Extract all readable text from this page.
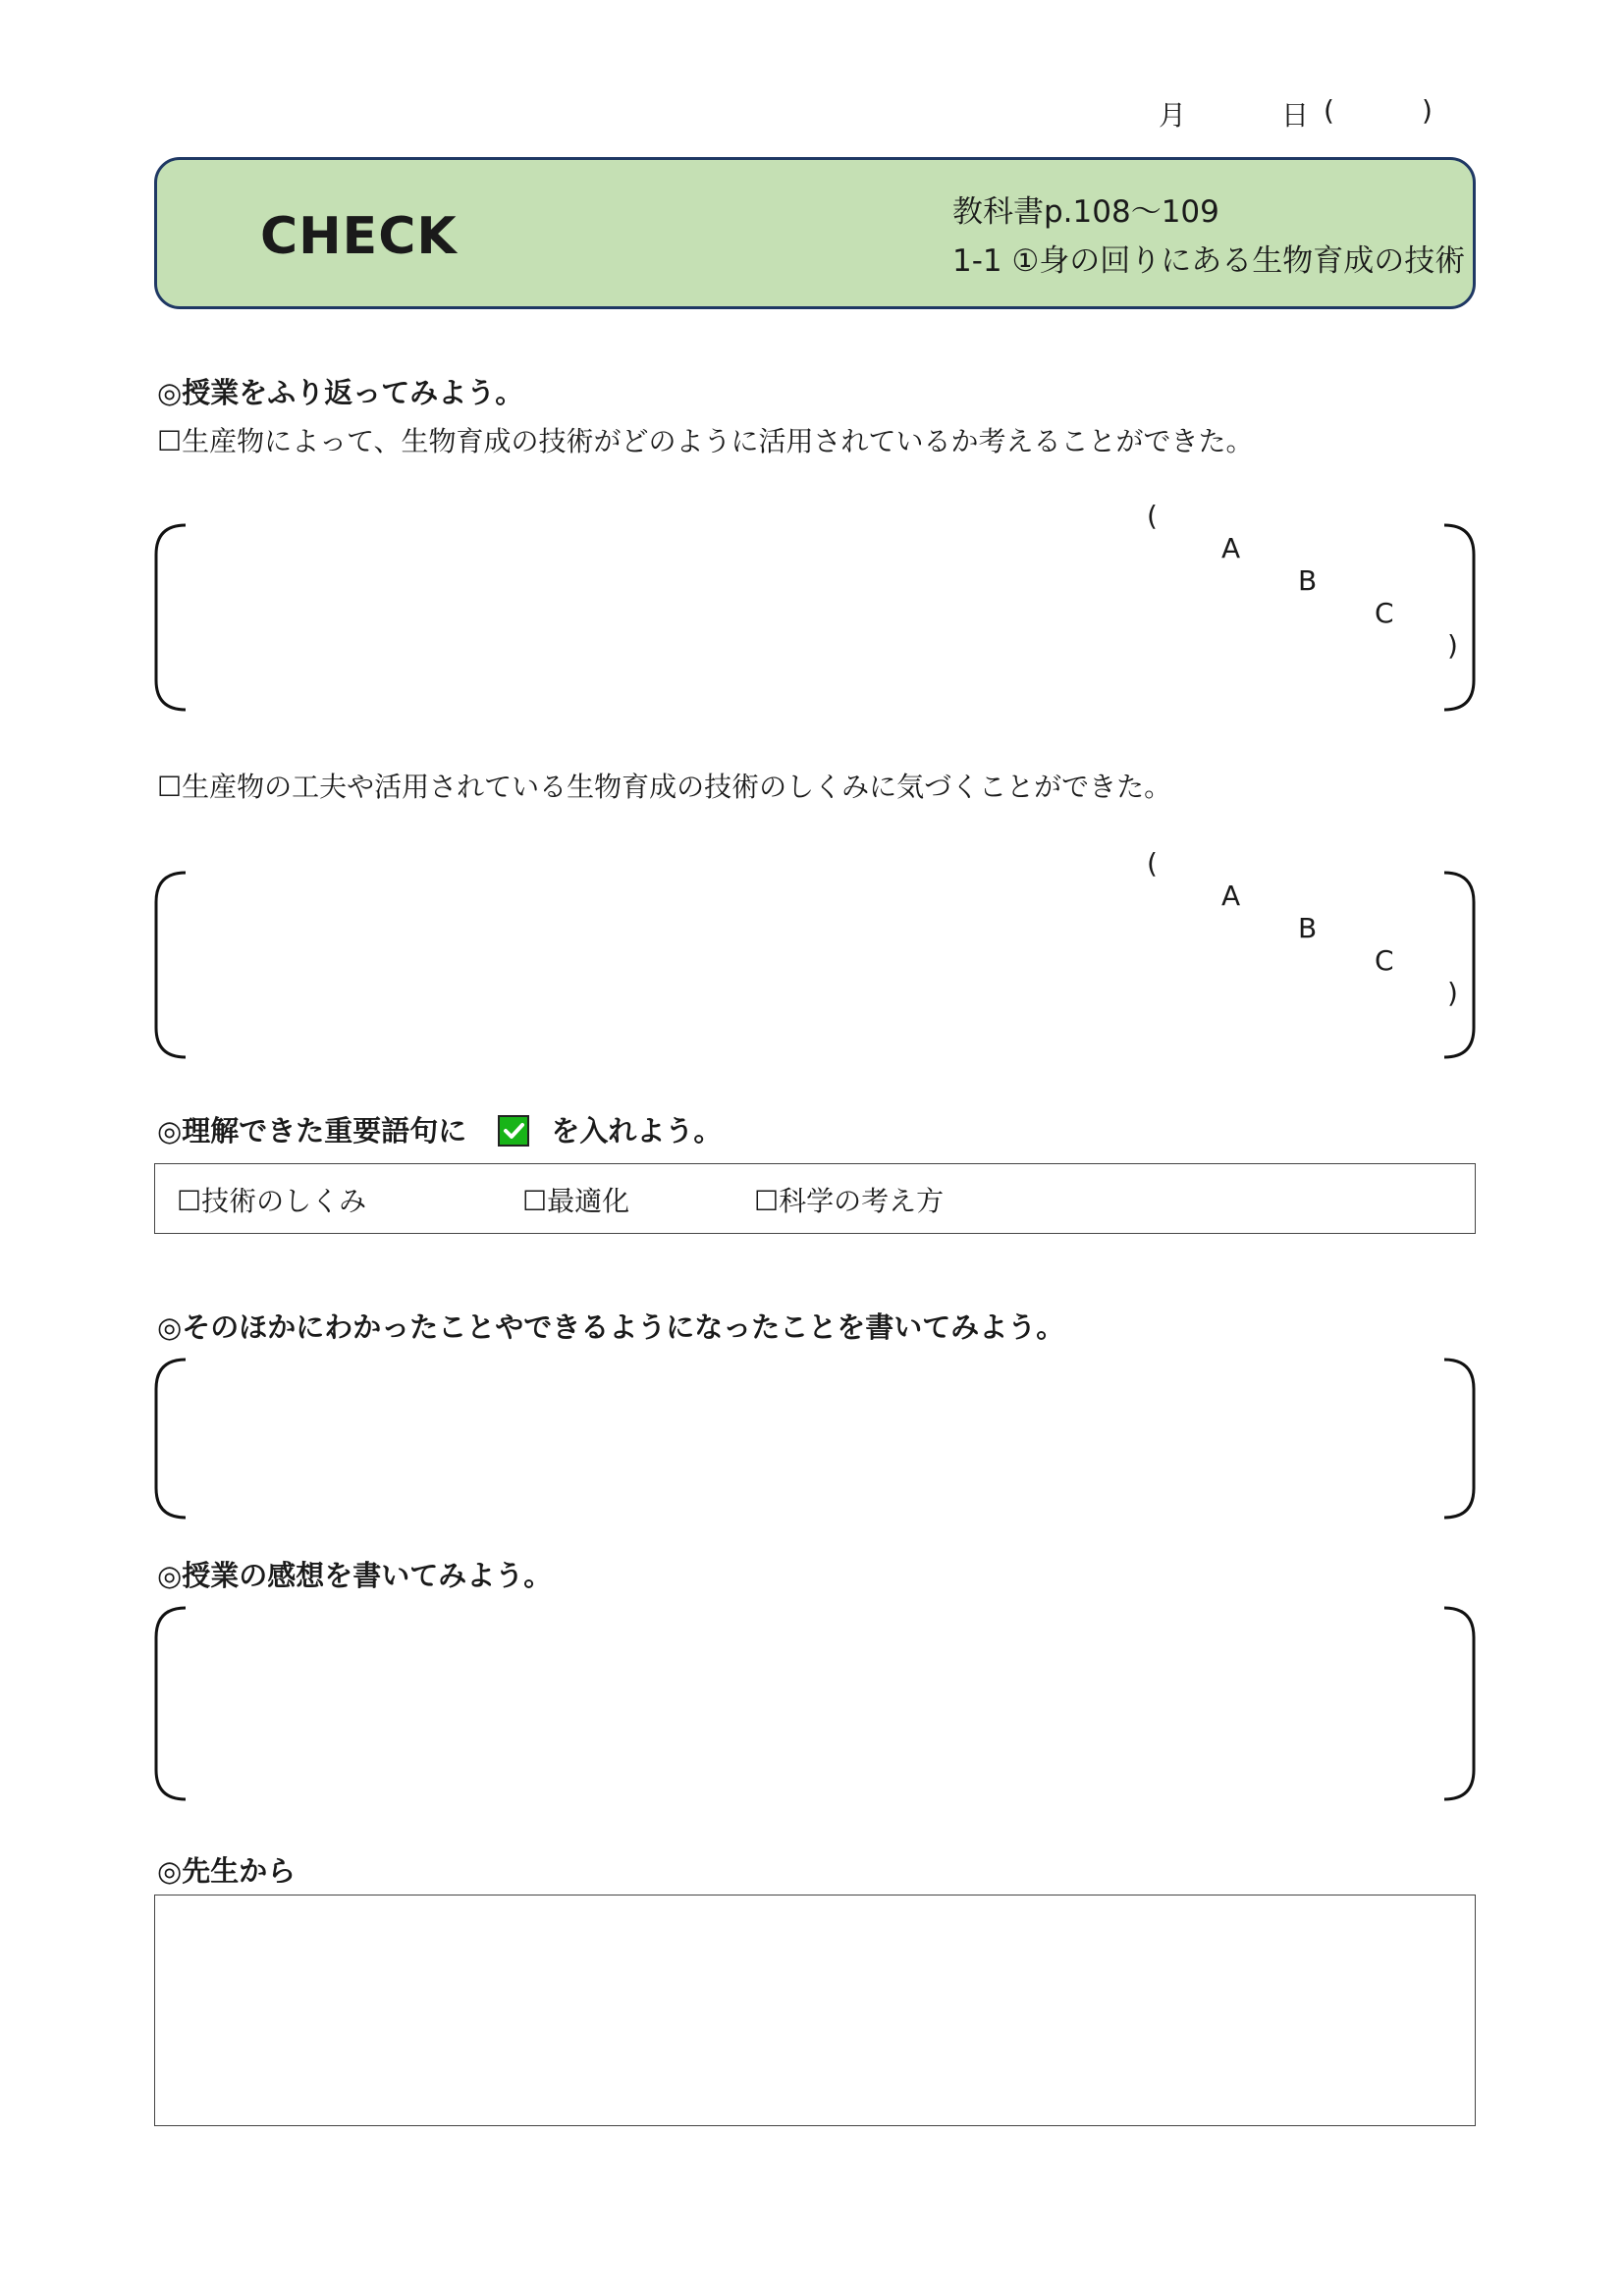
月	日 (	)
CHECK	教科書p.108～109
1-1 ①身の回りにある生物育成の技術
◎授業をふり返ってみよう。
☐生産物によって、生物育成の技術がどのように活用されているか考えることができた。

(

A

B

C

)

☐生産物の工夫や活用されている生物育成の技術のしくみに気づくことができた。

(

A

B

C

)

◎理解できた重要語句に	を入れよう。
☐技術のしくみ	☐最適化	☐科学の考え方
◎そのほかにわかったことやできるようになったことを書いてみよう。
◎授業の感想を書いてみよう。
◎先生から
